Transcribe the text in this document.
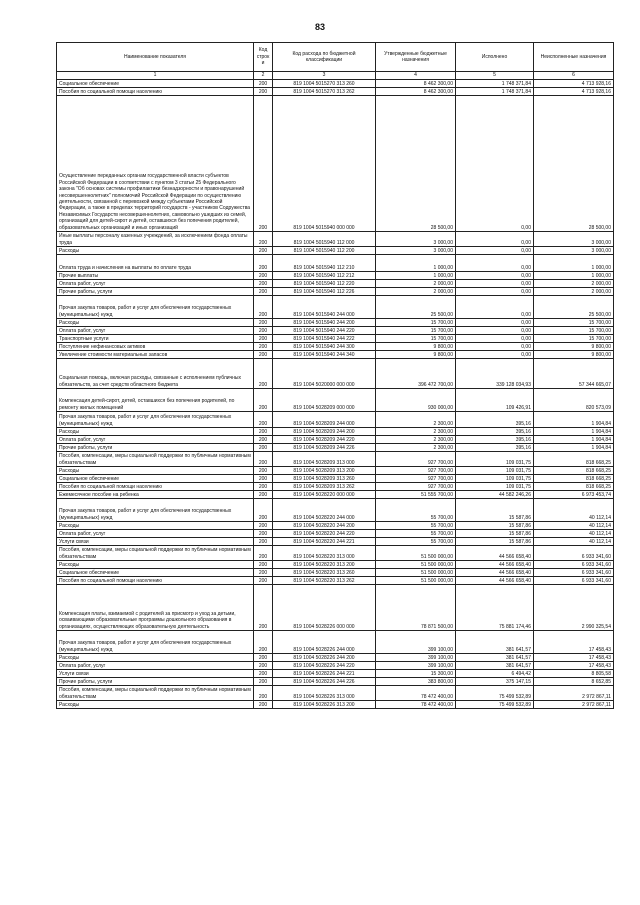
83
Наименование показателя	Код строк и	Код расхода по бюджетной классификации	Утвержденные бюджетные назначения	Исполнено	Неисполненные назначения
1	2	3	4	5	6
Социальное обеспечение	200	819 1004 5015270 313 260	8 462 300,00	1 748 371,84	4 713 928,16
Пособия по социальной помощи населению	200	819 1004 5015270 313 262	8 462 300,00	1 748 371,84	4 713 928,16
Осуществление переданных органам государственной власти субъектов Российской Федерации в соответствии с пунктом 3 статьи 25 Федерального закона "Об основах системы профилактики безнадзорности и правонарушений несовершеннолетних" полномочий Российской Федерации по осуществлению деятельности, связанной с перевозкой между субъектами Российской Федерации, а также в пределах территорий государств - участников Содружества Независимых Государств несовершеннолетних, самовольно ушедших из семей, организаций для детей-сирот и детей, оставшихся без попечения родителей, образовательных организаций и иных организаций	200	819 1004 5015940 000 000	28 500,00	0,00	28 500,00
Иные выплаты персоналу казенных учреждений, за исключением фонда оплаты труда	200	819 1004 5015940 112 000	3 000,00	0,00	3 000,00
Расходы	200	819 1004 5015940 112 200	3 000,00	0,00	3 000,00
Оплата труда и начисления на выплаты по оплате труда	200	819 1004 5015940 112 210	1 000,00	0,00	1 000,00
Прочие выплаты	200	819 1004 5015940 112 212	1 000,00	0,00	1 000,00
Оплата работ, услуг	200	819 1004 5015940 112 220	2 000,00	0,00	2 000,00
Прочие работы, услуги	200	819 1004 5015940 112 226	2 000,00	0,00	2 000,00
Прочая закупка товаров, работ и услуг для обеспечения государственных (муниципальных) нужд	200	819 1004 5015940 244 000	25 500,00	0,00	25 500,00
Расходы	200	819 1004 5015940 244 200	15 700,00	0,00	15 700,00
Оплата работ, услуг	200	819 1004 5015940 244 220	15 700,00	0,00	15 700,00
Транспортные услуги	200	819 1004 5015940 244 222	15 700,00	0,00	15 700,00
Поступление нефинансовых активов	200	819 1004 5015940 244 300	9 800,00	0,00	9 800,00
Увеличение стоимости материальных запасов	200	819 1004 5015940 244 340	9 800,00	0,00	9 800,00
Социальная помощь, включая расходы, связанные с исполнением публичных обязательств, за счет средств областного бюджета	200	819 1004 5020000 000 000	396 472 700,00	339 128 034,93	57 344 665,07
Компенсация детей-сирот, детей, оставшихся без попечения родителей, по ремонту жилых помещений	200	819 1004 5028209 000 000	930 000,00	109 426,91	820 573,09
Прочая закупка товаров, работ и услуг для обеспечения государственных (муниципальных) нужд	200	819 1004 5028209 244 000	2 300,00	395,16	1 904,84
Расходы	200	819 1004 5028209 244 200	2 300,00	395,16	1 904,84
Оплата работ, услуг	200	819 1004 5028209 244 220	2 300,00	395,16	1 904,84
Прочие работы, услуги	200	819 1004 5028209 244 226	2 300,00	395,16	1 904,84
Пособия, компенсации, меры социальной поддержки по публичным нормативным обязательствам	200	819 1004 5028209 313 000	927 700,00	109 031,75	818 668,25
Расходы	200	819 1004 5028209 313 200	927 700,00	109 031,75	818 668,25
Социальное обеспечение	200	819 1004 5028209 313 260	927 700,00	109 031,75	818 668,25
Пособия по социальной помощи населению	200	819 1004 5028209 313 262	927 700,00	109 031,75	818 668,25
Ежемесячное пособие на ребенка	200	819 1004 5028220 000 000	51 555 700,00	44 582 246,26	6 973 453,74
Прочая закупка товаров, работ и услуг для обеспечения государственных (муниципальных) нужд	200	819 1004 5028220 244 000	55 700,00	15 587,86	40 112,14
Расходы	200	819 1004 5028220 244 200	55 700,00	15 587,86	40 112,14
Оплата работ, услуг	200	819 1004 5028220 244 220	55 700,00	15 587,86	40 112,14
Услуги связи	200	819 1004 5028220 244 221	55 700,00	15 587,86	40 112,14
Пособия, компенсации, меры социальной поддержки по публичным нормативным обязательствам	200	819 1004 5028220 313 000	51 500 000,00	44 566 658,40	6 933 341,60
Расходы	200	819 1004 5028220 313 200	51 500 000,00	44 566 658,40	6 933 341,60
Социальное обеспечение	200	819 1004 5028220 313 260	51 500 000,00	44 566 658,40	6 933 341,60
Пособия по социальной помощи населению	200	819 1004 5028220 313 262	51 500 000,00	44 566 658,40	6 933 341,60
Компенсация платы, взимаемой с родителей за присмотр и уход за детьми, осваивающими образовательные программы дошкольного образования в организациях, осуществляющих образовательную деятельность	200	819 1004 5028226 000 000	78 871 500,00	75 881 174,46	2 990 325,54
Прочая закупка товаров, работ и услуг для обеспечения государственных (муниципальных) нужд	200	819 1004 5028226 244 000	399 100,00	381 641,57	17 458,43
Расходы	200	819 1004 5028226 244 200	399 100,00	381 641,57	17 458,43
Оплата работ, услуг	200	819 1004 5028226 244 220	399 100,00	381 641,57	17 458,43
Услуги связи	200	819 1004 5028226 244 221	15 300,00	6 494,42	8 805,58
Прочие работы, услуги	200	819 1004 5028226 244 226	383 800,00	375 147,15	8 652,85
Пособия, компенсации, меры социальной поддержки по публичным нормативным обязательствам	200	819 1004 5028226 313 000	78 472 400,00	75 499 532,89	2 972 867,11
Расходы	200	819 1004 5028226 313 200	78 472 400,00	75 499 532,89	2 972 867,11
